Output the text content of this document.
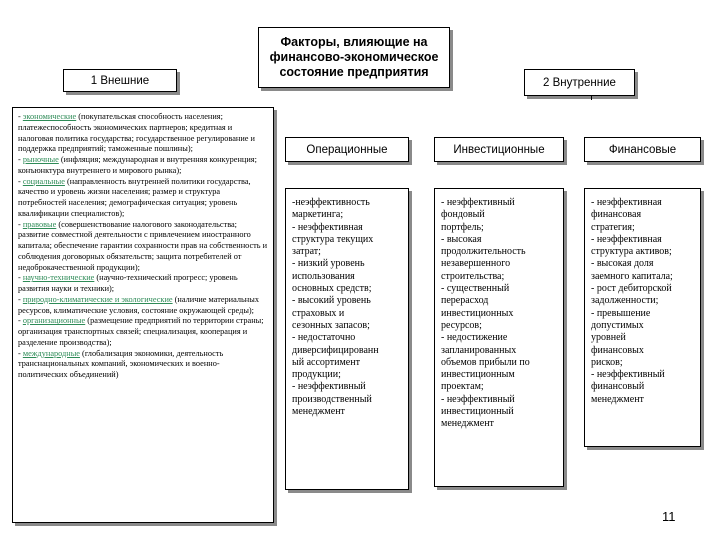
Факторы, влияющие на финансово-экономическое состояние предприятия
1 Внешние	2 Внутренние
- экономические (покупательская способность населения; платежеспособность экономических партнеров; кредитная и налоговая политика государства; государственное регулирование и поддержка предприятий; таможенные пошлины);
- рыночные (инфляция; международная и внутренняя конкуренция; конъюнктура внутреннего и мирового рынка);
- социальные (направленность внутренней политики государства, качество и уровень жизни населения; размер и структура потребностей населения; демографическая ситуация; уровень квалификации специалистов);
- правовые (совершенствование налогового законодательства; развитие совместной деятельности с привлечением иностранного капитала; обеспечение гарантии сохранности прав на собственность и соблюдения договорных обязательств; защита потребителей от недоброкачественной продукции);
- научно-технические (научно-технический прогресс; уровень развития науки и техники);
- природно-климатические и экологические (наличие материальных ресурсов, климатические условия, состояние окружающей среды);
- организационные (размещение предприятий по территории страны; организация транспортных связей; специализация, кооперация и разделение производства);
- международные (глобализация экономики, деятельность транснациональных компаний, экономических и военно-политических объединений)
Операционные	Инвестиционные	Финансовые
-неэффективность
маркетинга;
- неэффективная
структура текущих
затрат;
- низкий уровень
использования
основных средств;
- высокий уровень
страховых и
сезонных запасов;
- недостаточно
диверсифицированн
ый ассортимент
продукции;
- неэффективный
производственный
менеджмент
- неэффективный
фондовый
портфель;
- высокая
продолжительность
незавершенного
строительства;
- существенный
перерасход
инвестиционных
ресурсов;
- недостижение
запланированных
объемов прибыли по
инвестиционным
проектам;
- неэффективный
инвестиционный
менеджмент
- неэффективная
финансовая
стратегия;
- неэффективная
структура активов;
- высокая доля
заемного капитала;
- рост дебиторской
задолженности;
- превышение
допустимых
уровней
финансовых
рисков;
- неэффективный
финансовый
менеджмент
11
